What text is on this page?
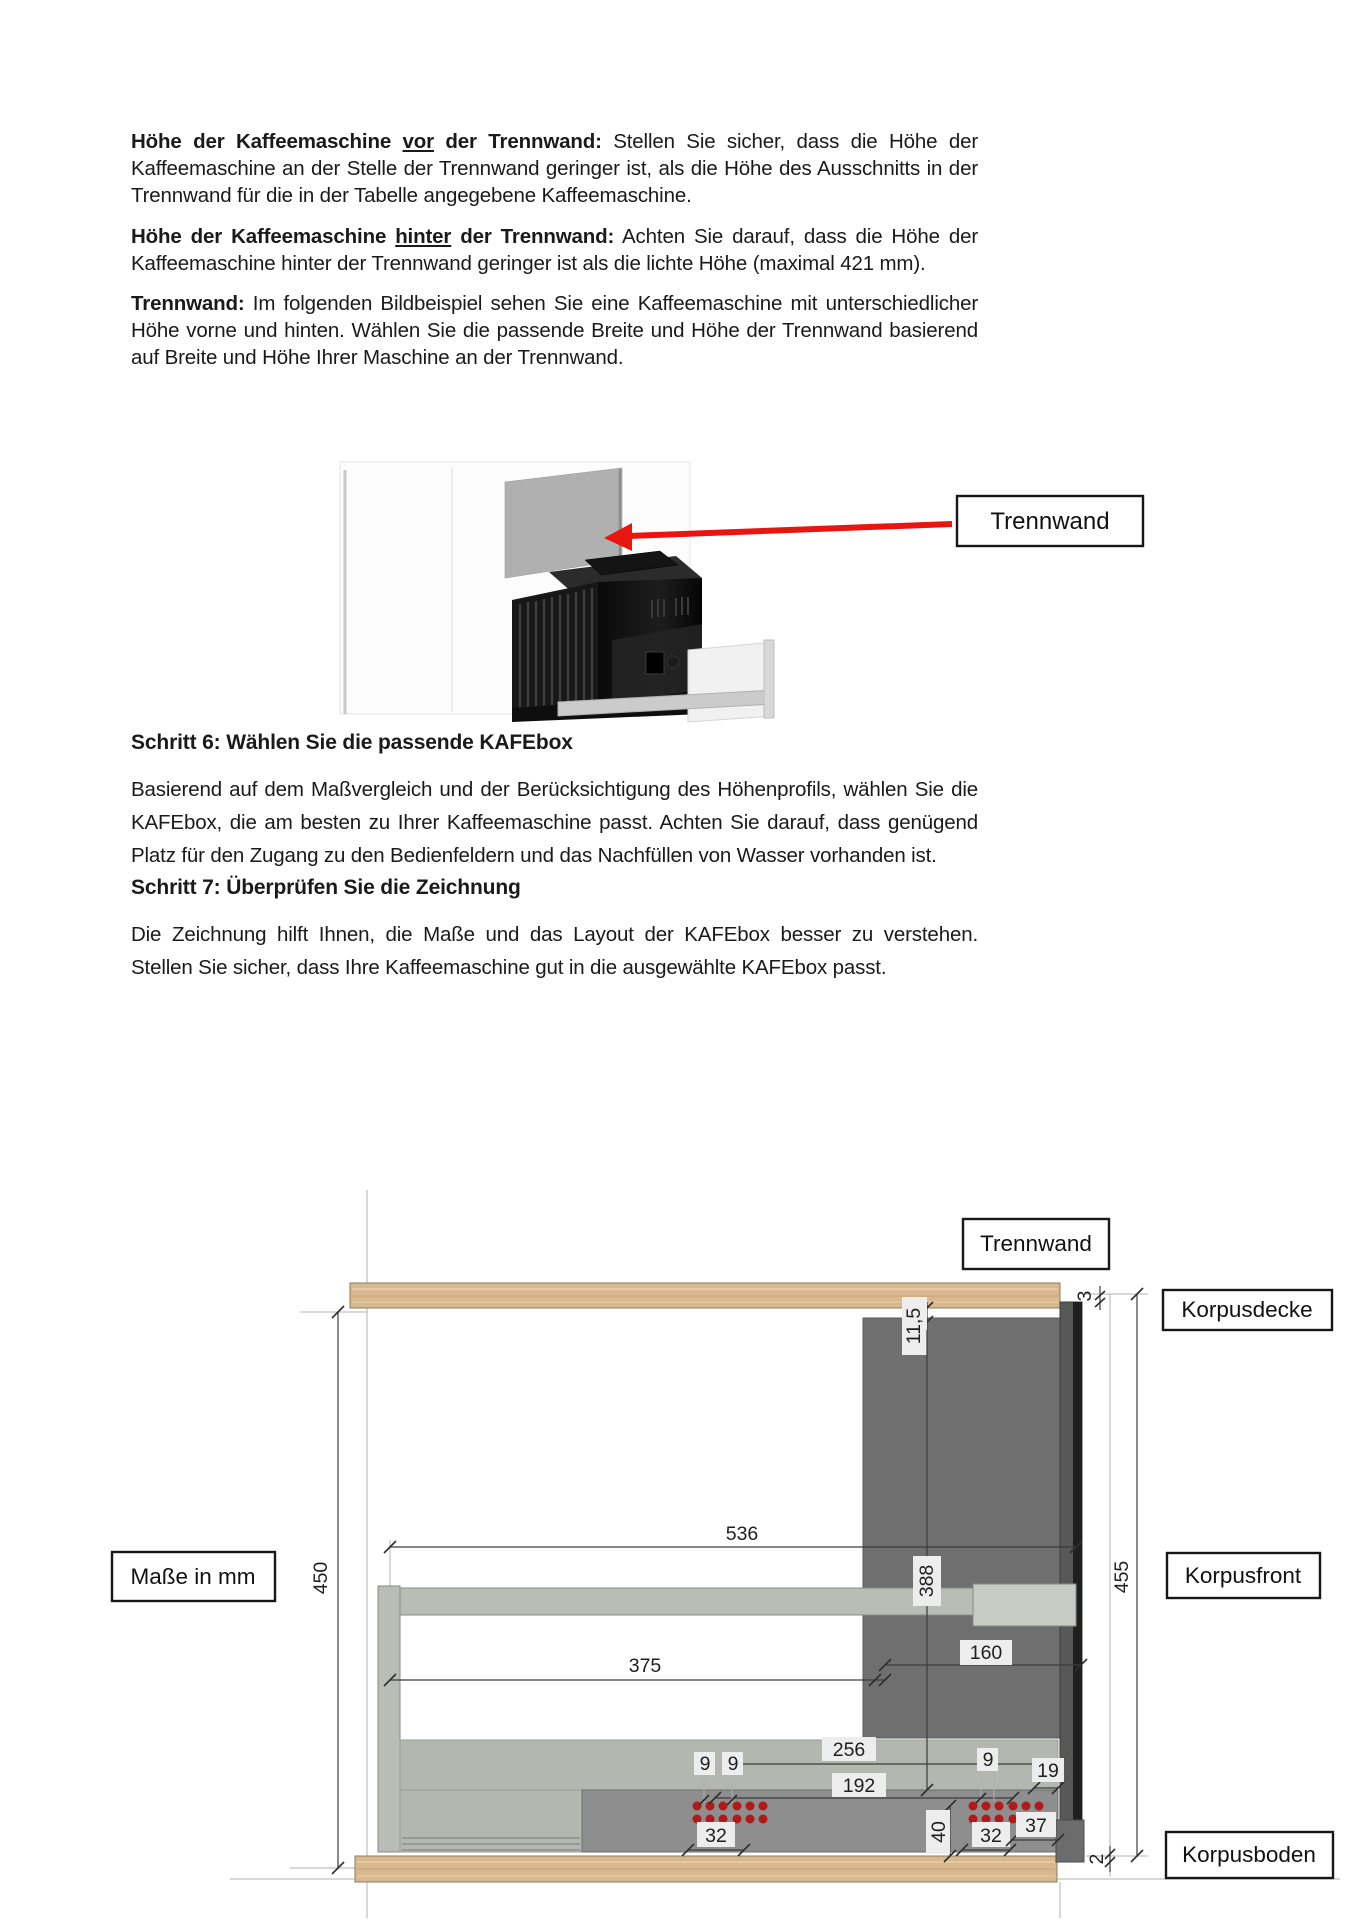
Höhe der Kaffeemaschine vor der Trennwand: Stellen Sie sicher, dass die Höhe der Kaffeemaschine an der Stelle der Trennwand geringer ist, als die Höhe des Ausschnitts in der Trennwand für die in der Tabelle angegebene Kaffeemaschine.

Höhe der Kaffeemaschine hinter der Trennwand: Achten Sie darauf, dass die Höhe der Kaffeemaschine hinter der Trennwand geringer ist als die lichte Höhe (maximal 421 mm).

Trennwand: Im folgenden Bildbeispiel sehen Sie eine Kaffeemaschine mit unterschiedlicher Höhe vorne und hinten. Wählen Sie die passende Breite und Höhe der Trennwand basierend auf Breite und Höhe Ihrer Maschine an der Trennwand.

Trennwand

Schritt 6: Wählen Sie die passende KAFEbox

Basierend auf dem Maßvergleich und der Berücksichtigung des Höhenprofils, wählen Sie die KAFEbox, die am besten zu Ihrer Kaffeemaschine passt. Achten Sie darauf, dass genügend Platz für den Zugang zu den Bedienfeldern und das Nachfüllen von Wasser vorhanden ist.

Schritt 7: Überprüfen Sie die Zeichnung

Die Zeichnung hilft Ihnen, die Maße und das Layout der KAFEbox besser zu verstehen. Stellen Sie sicher, dass Ihre Kaffeemaschine gut in die ausgewählte KAFEbox passt.

450	455
3
11,5
536
388
375
160
256
192
9 9	9 19
40
32	32 37
2
Trennwand
Korpusdecke
Maße in mm	Korpusfront
Korpusboden
